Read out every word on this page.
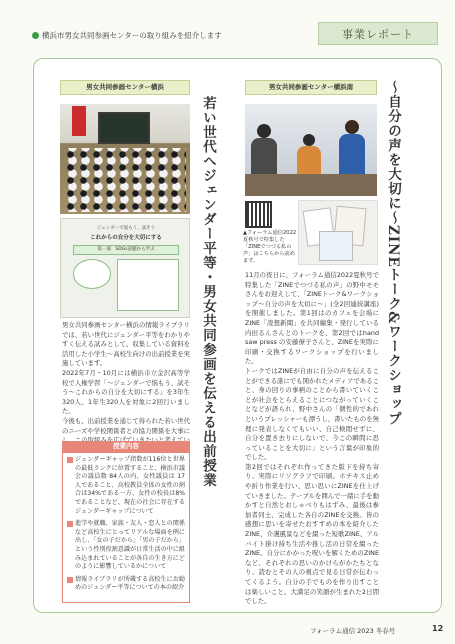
横浜市男女共同参画センターの取り組みを紹介します	事業レポート
男女共同参画センター横浜
ジェンダーで悩もう、試そう
これからの自分を大切にする
第一部　SDGs話題から学ぶ	若い世代へジェンダー平等・男女共同参画を伝える出前授業
男女共同参画センター横浜の情報ライブラリでは、若い世代にジェンダー平等をわかりやすく伝える試みとして、収集している資料を活用した小学生〜高校生向けの出前授業を実施しています。
2022年7月・10月には横浜市立金沢高等学校で人権学習「〜ジェンダーで悩もう、試そう〜これからの自分を大切にする」を3年生320人、1年生320人を対象に2回行いました。
今後も、出前授業を通じて得られた若い世代のニーズや学校関係者との協力関係を大事に
授業内容
ジェンダーギャップ指数が116位と世界の最低ランクに位置すること、横浜市議会の議員数 84人の内、女性議員は 17人であること、高校教員全体の女性の割合は34%である一方、女性の校長は8%であることなど、現在の社会に存在するジェンダーギャップについて
進学や就職、家族・友人・恋人との関係など高校生にとってリアルな場面を例に出し、「女の子だから」「男の子だから」という性別役割意識が日常生活の中に組み込まれていることが各自の生き方にどのように影響しているかについて
情報ライブラリが所蔵する高校生にお勧めのジェンダー平等についての本の紹介
男女共同参画センター横浜南
▲フォーラム通信2022夏秋号で特集した「ZINEでつづる私の声」はこちらから読めます。	〜自分の声を大切に〜ZINEトーク&ワークショップ
11月の夜日に、フォーラム通信2022夏秋号で特集した「ZINEでつづる私の声」の野中モモさんをお迎えして、「ZINEトーク&ワークショップ〜自分の声を大切に〜」(全2回連続講座)を開催しました。第1回はのカフェを会場にZINE「凌想新聞」を共同編集・発行している内田るんさんとのトークを、第2回ではhand saw press の安藤僚子さんと、ZINEを実際に印刷・交換するワークショップを行いました。
トークではZINEが自由に自分の声を伝えることができる誰にでも開かれたメディアであること、身の回りの事柄のことから書いていくことが社会をとらえることにつながっていくことなどが語られ、野中さんの「個性的であれというプレッシャーも漂うし、書いたものを無理に発表しなくてもいい、自己検閲せずに、自分を置き去りにしないで、今この瞬間に思っていることを大切に」という言葉が印象的でした。
第2回ではそれぞれ作ってきた版下を持ち寄り、実際にリソグラフで印刷。ホチキス止めや折り作業を行い、思い思いにZINEを仕上げていきました。テーブルを囲んで一緒に手を動かすと自然とおしゃべりもはずみ、最後は参加者同士、完成した各自のZINEを交換。皆の感想に思いを寄せたおすすめの本を紹介したZINE、介護風景などを綴った短歌ZINE、アルバイト掛け持ち生活や推し活の日常を綴ったZINE、自分にかかった呪いを解くためのZINEなど、それぞれの思いのかけらがかたちとなり、読むとその人の視点で見る日常が伝わってくるよう。自分の手でものを作り出すことは楽しいこと。大満足の笑顔が生まれた2日間でした。
フォーラム通信 2023 冬春号	12
